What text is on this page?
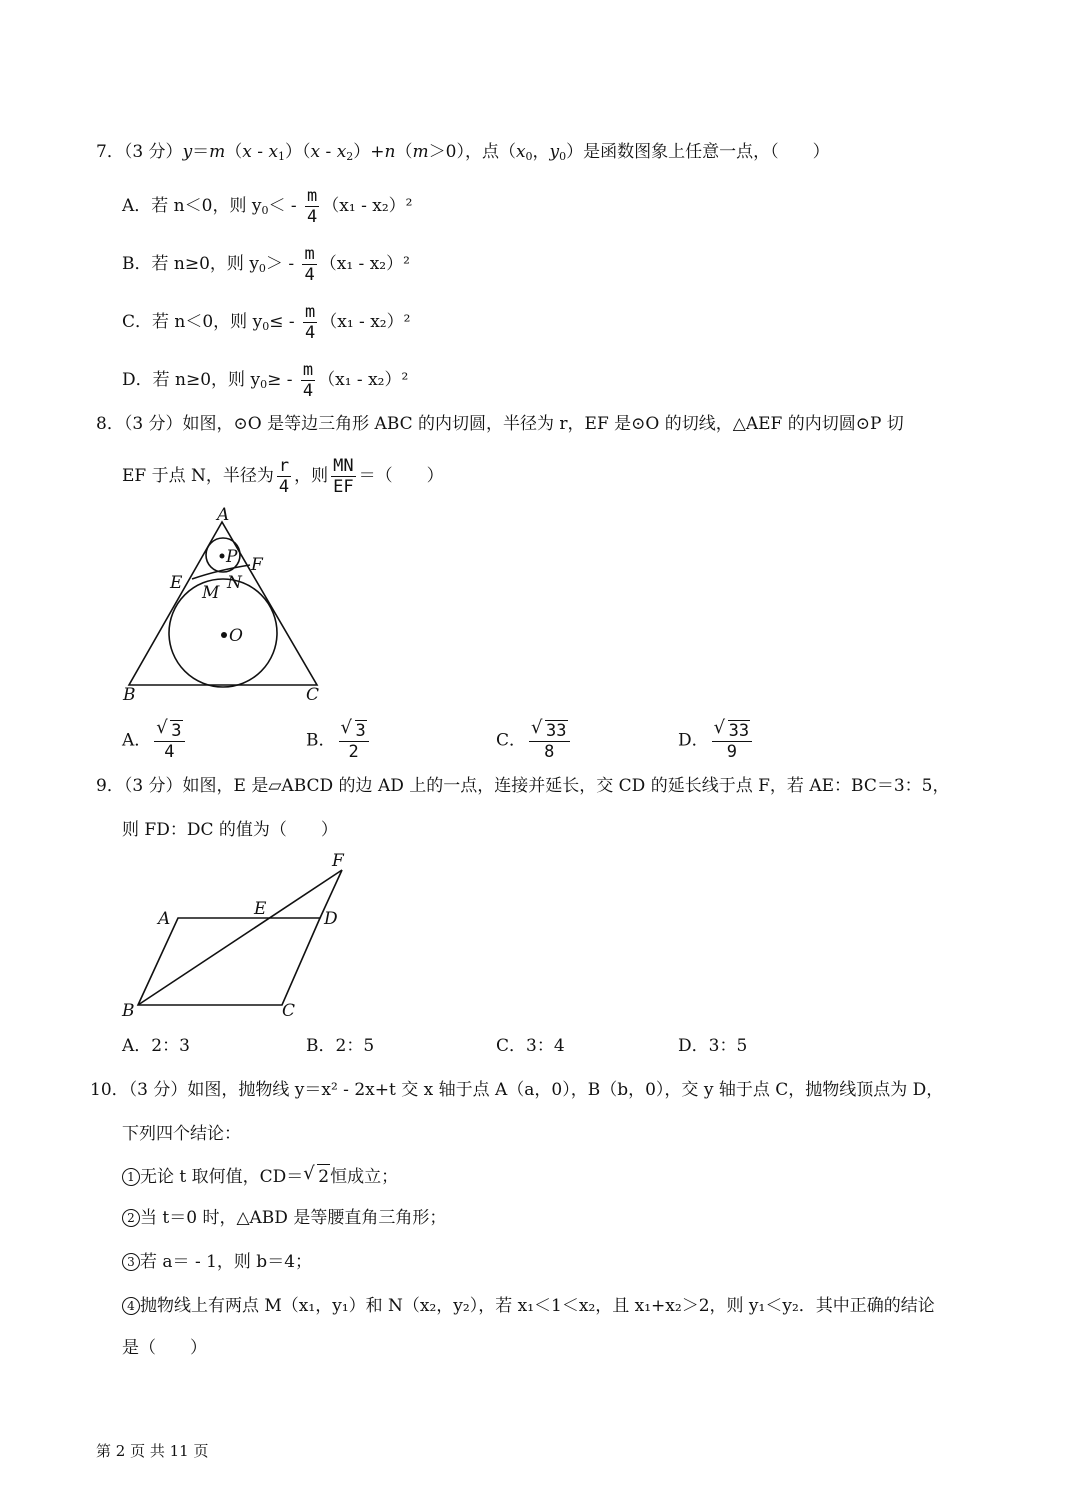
7．（3 分）$y=m(x - x_1)(x - x_2)+n(m>0)$，点（$x_0$，$y_0$）是函数图象上任意一点，（　　）
A．若 n＜0，则 $y_0< - \frac{m}{4} (x_1 - x_2)^2$
B．若 n≥0，则 $y_0> - \frac{m}{4} (x_1 - x_2)^2$
C．若 n＜0，则 $y_0\le - \frac{m}{4} (x_1 - x_2)^2$
D．若 n≥0，则 $y_0\ge - \frac{m}{4} (x_1 - x_2)^2$
8．（3 分）如图，⊙O 是等边三角形 ABC 的内切圆，半径为 r，EF 是⊙O 的切线，△AEF 的内切圆⊙P 切
EF 于点 N，半径为 $\frac{r}{4}$ ，则 $\frac{MN}{EF}$ ＝（　　）
A
B	C
E
F
M N
P
O
A． √ $\frac{3}{4}$	B． √ $\frac{3}{2}$	C． √ $\frac{33}{8}$	D． √ $\frac{33}{9}$
9．（3 分）如图，E 是▱ABCD 的边 AD 上的一点，连接并延长，交 CD 的延长线于点 F，若 AE：BC＝3：5，
则 FD：DC 的值为（　　）
A
B	C
D
E
F
A．2：3	B．2：5	C．3：4	D．3：5
10．（3 分）如图，抛物线 y＝x² - 2x+t 交 x 轴于点 A（a，0），B（b，0），交 y 轴于点 C，抛物线顶点为 D，
下列四个结论：
1 无论 t 取何值，CD＝ √ 2恒成立；
2 当 t＝0 时，△ABD 是等腰直角三角形；
3 若 a＝ - 1，则 b＝4；
4 抛物线上有两点 M（x₁，y₁）和 N（x₂，y₂），若 x₁＜1＜x₂，且 x₁+x₂＞2，则 y₁＜y₂．其中正确的结论
是（　　）
第 2 页 共 11 页
